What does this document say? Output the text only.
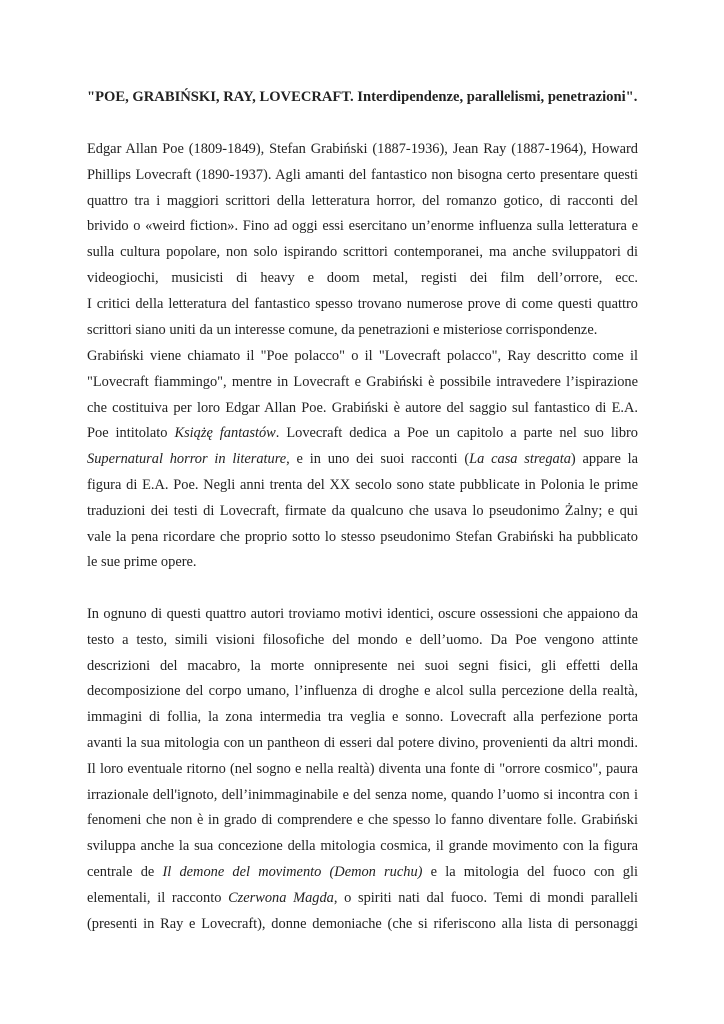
"POE, GRABIŃSKI, RAY, LOVECRAFT. Interdipendenze, parallelismi, penetrazioni".
Edgar Allan Poe (1809-1849), Stefan Grabiński (1887-1936), Jean Ray (1887-1964), Howard
Phillips Lovecraft (1890-1937). Agli amanti del fantastico non bisogna certo presentare questi
quattro tra i maggiori scrittori della letteratura horror, del romanzo gotico, di racconti del
brivido o «weird fiction». Fino ad oggi essi esercitano un’enorme influenza sulla letteratura e
sulla cultura popolare, non solo ispirando scrittori contemporanei, ma anche sviluppatori di
videogiochi, musicisti di heavy e doom metal, registi dei film dell’orrore, ecc.
I critici della letteratura del fantastico spesso trovano numerose prove di come questi quattro
scrittori siano uniti da un interesse comune, da penetrazioni e misteriose corrispondenze.
Grabiński viene chiamato il "Poe polacco" o il "Lovecraft polacco", Ray descritto come il
"Lovecraft fiammingo", mentre in Lovecraft e Grabiński è possibile intravedere l’ispirazione
che costituiva per loro Edgar Allan Poe. Grabiński è autore del saggio sul fantastico di E.A.
Poe intitolato Książę fantastów. Lovecraft dedica a Poe un capitolo a parte nel suo libro
Supernatural horror in literature, e in uno dei suoi racconti (La casa stregata) appare la
figura di E.A. Poe. Negli anni trenta del XX secolo sono state pubblicate in Polonia le prime
traduzioni dei testi di Lovecraft, firmate da qualcuno che usava lo pseudonimo Żalny; e qui
vale la pena ricordare che proprio sotto lo stesso pseudonimo Stefan Grabiński ha pubblicato
le sue prime opere.
In ognuno di questi quattro autori troviamo motivi identici, oscure ossessioni che appaiono da
testo a testo, simili visioni filosofiche del mondo e dell’uomo. Da Poe vengono attinte
descrizioni del macabro, la morte onnipresente nei suoi segni fisici, gli effetti della
decomposizione del corpo umano, l’influenza di droghe e alcol sulla percezione della realtà,
immagini di follia, la zona intermedia tra veglia e sonno. Lovecraft alla perfezione porta
avanti la sua mitologia con un pantheon di esseri dal potere divino, provenienti da altri mondi.
Il loro eventuale ritorno (nel sogno e nella realtà) diventa una fonte di "orrore cosmico", paura
irrazionale dell'ignoto, dell’inimmaginabile e del senza nome, quando l’uomo si incontra con i
fenomeni che non è in grado di comprendere e che spesso lo fanno diventare folle. Grabiński
sviluppa anche la sua concezione della mitologia cosmica, il grande movimento con la figura
centrale de Il demone del movimento (Demon ruchu) e la mitologia del fuoco con gli
elementali, il racconto Czerwona Magda, o spiriti nati dal fuoco. Temi di mondi paralleli
(presenti in Ray e Lovecraft), donne demoniache (che si riferiscono alla lista di personaggi
